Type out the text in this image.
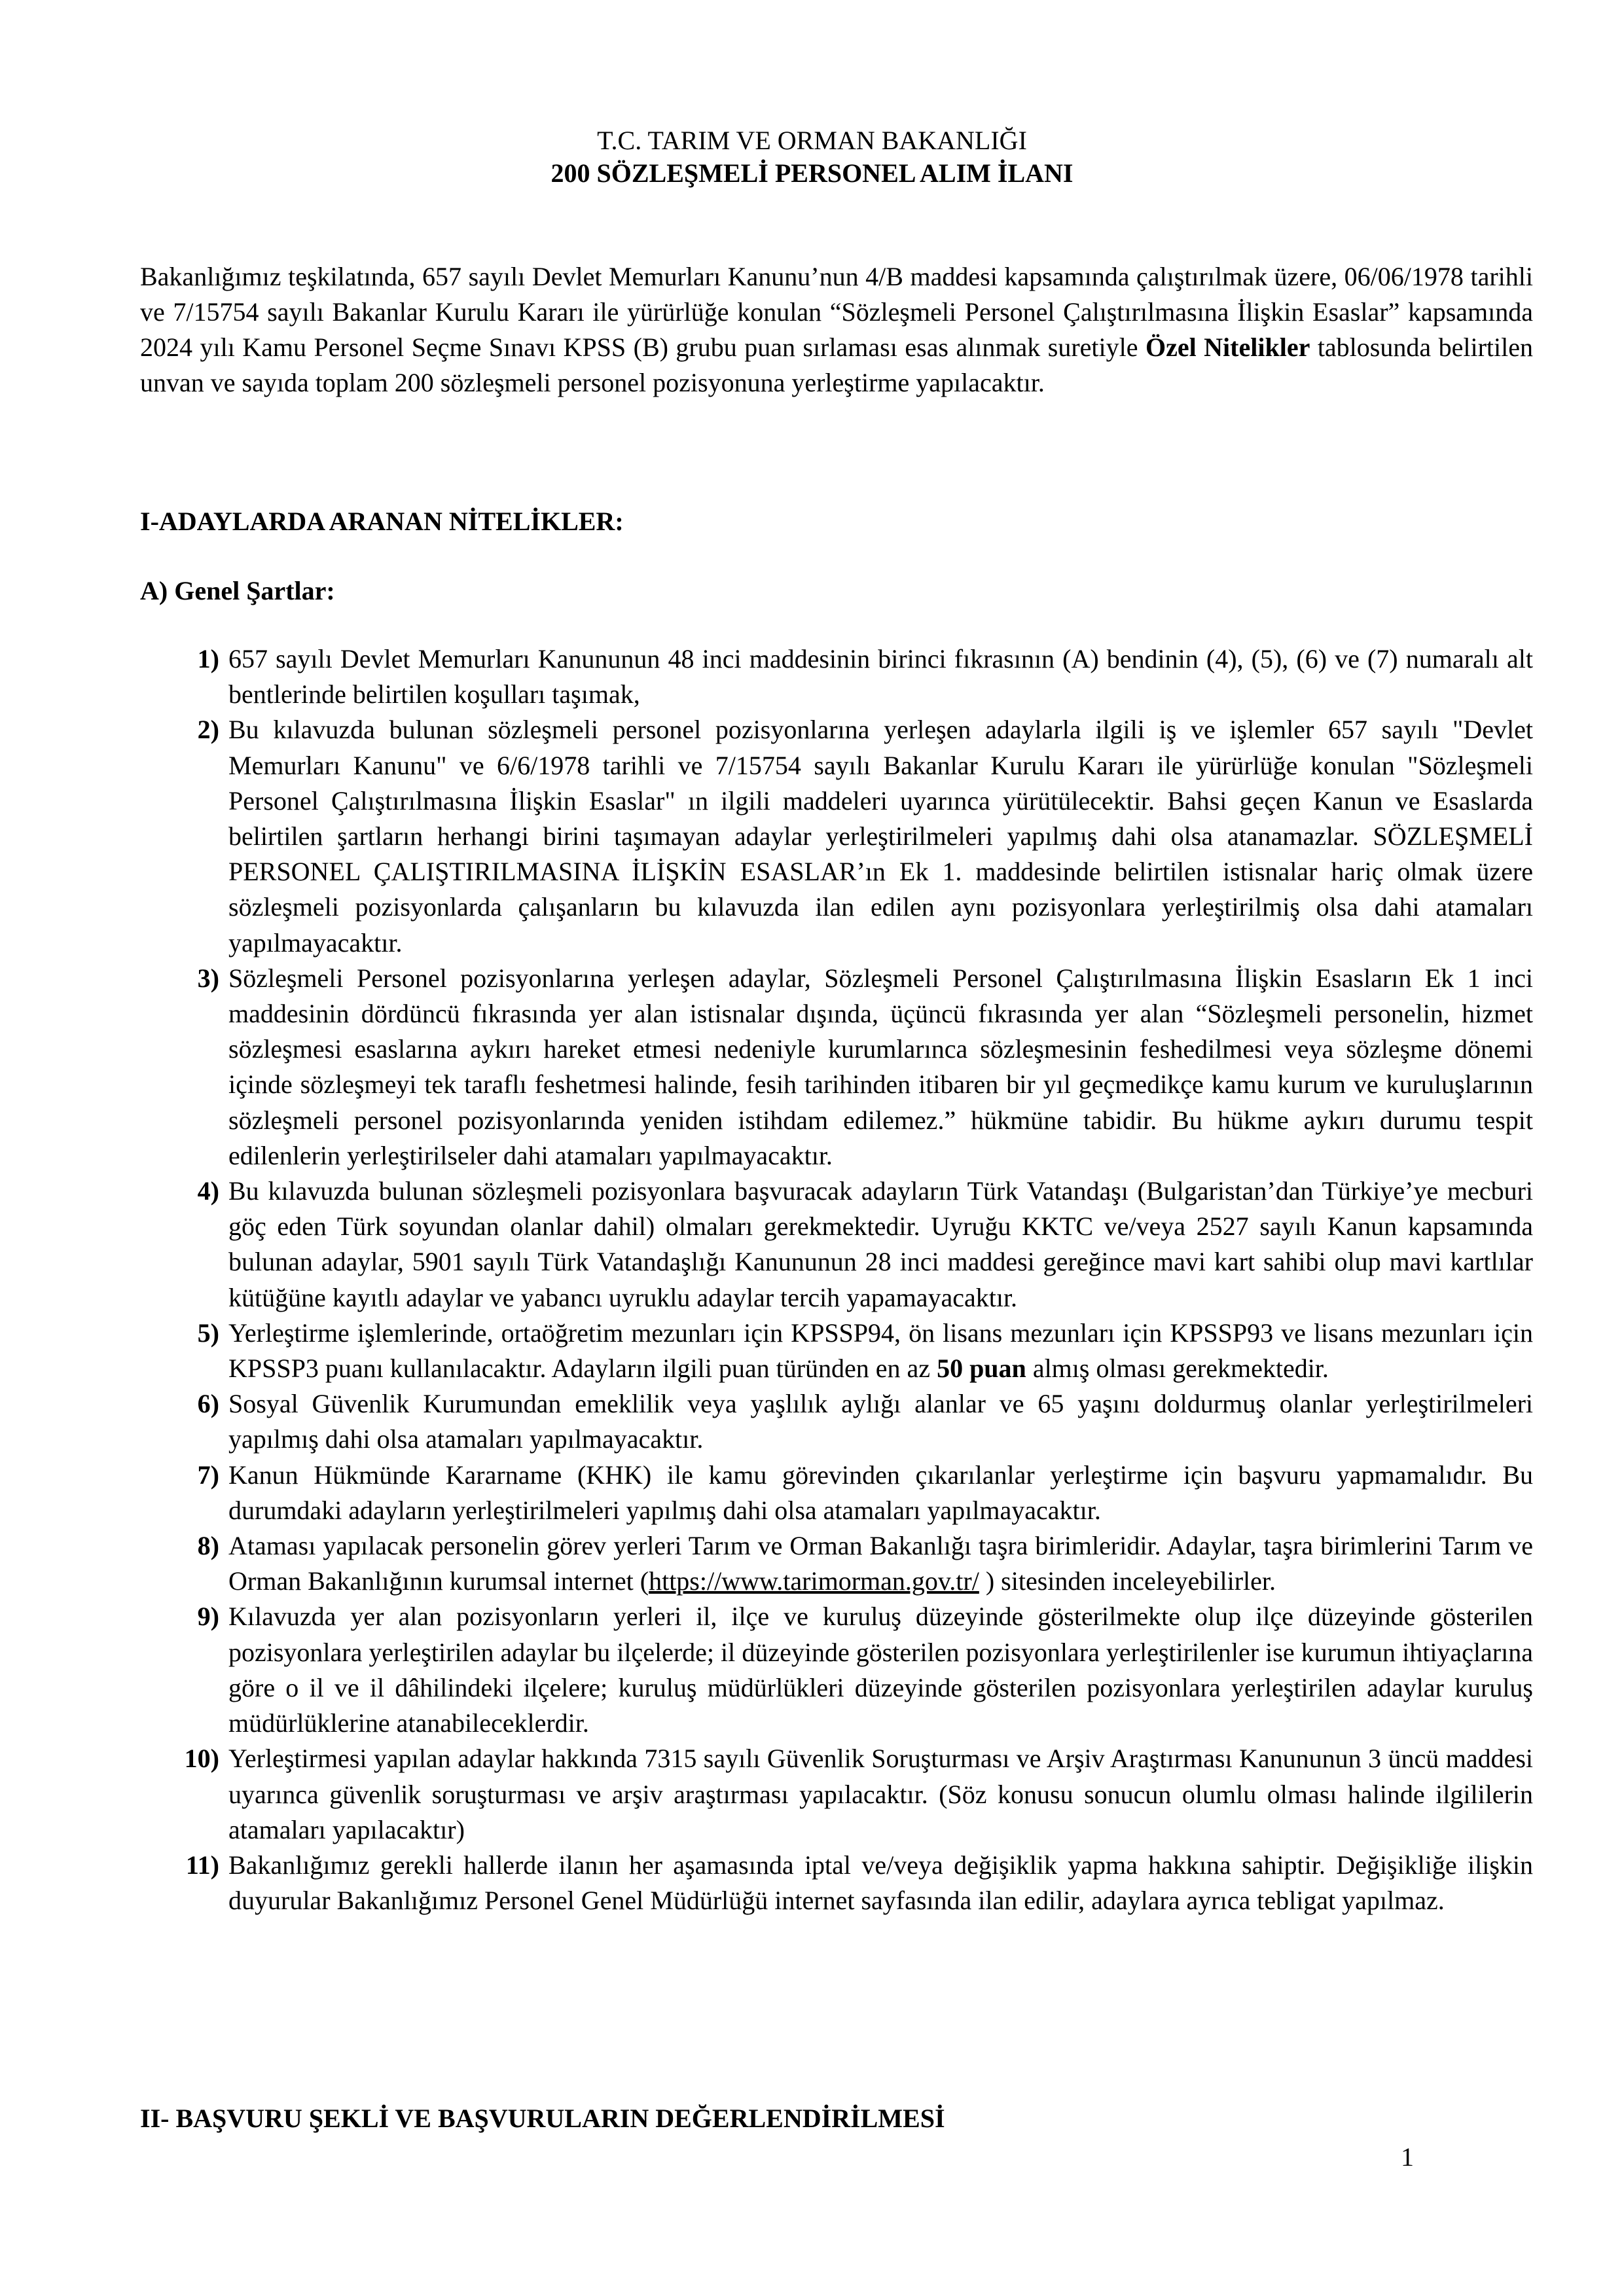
T.C. TARIM VE ORMAN BAKANLIĞI
200 SÖZLEŞMELİ PERSONEL ALIM İLANI
Bakanlığımız teşkilatında, 657 sayılı Devlet Memurları Kanunu’nun 4/B maddesi kapsamında çalıştırılmak üzere, 06/06/1978 tarihli ve 7/15754 sayılı Bakanlar Kurulu Kararı ile yürürlüğe konulan “Sözleşmeli Personel Çalıştırılmasına İlişkin Esaslar” kapsamında 2024 yılı Kamu Personel Seçme Sınavı KPSS (B) grubu puan sırlaması esas alınmak suretiyle Özel Nitelikler tablosunda belirtilen unvan ve sayıda toplam 200 sözleşmeli personel pozisyonuna yerleştirme yapılacaktır.
I-ADAYLARDA ARANAN NİTELİKLER:
A) Genel Şartlar:
1) 657 sayılı Devlet Memurları Kanununun 48 inci maddesinin birinci fıkrasının (A) bendinin (4), (5), (6) ve (7) numaralı alt bentlerinde belirtilen koşulları taşımak,
2) Bu kılavuzda bulunan sözleşmeli personel pozisyonlarına yerleşen adaylarla ilgili iş ve işlemler 657 sayılı "Devlet Memurları Kanunu" ve 6/6/1978 tarihli ve 7/15754 sayılı Bakanlar Kurulu Kararı ile yürürlüğe konulan "Sözleşmeli Personel Çalıştırılmasına İlişkin Esaslar" ın ilgili maddeleri uyarınca yürütülecektir. Bahsi geçen Kanun ve Esaslarda belirtilen şartların herhangi birini taşımayan adaylar yerleştirilmeleri yapılmış dahi olsa atanamazlar. SÖZLEŞMELİ PERSONEL ÇALIŞTIRILMASINA İLİŞKİN ESASLAR’ın Ek 1. maddesinde belirtilen istisnalar hariç olmak üzere sözleşmeli pozisyonlarda çalışanların bu kılavuzda ilan edilen aynı pozisyonlara yerleştirilmiş olsa dahi atamaları yapılmayacaktır.
3) Sözleşmeli Personel pozisyonlarına yerleşen adaylar, Sözleşmeli Personel Çalıştırılmasına İlişkin Esasların Ek 1 inci maddesinin dördüncü fıkrasında yer alan istisnalar dışında, üçüncü fıkrasında yer alan “Sözleşmeli personelin, hizmet sözleşmesi esaslarına aykırı hareket etmesi nedeniyle kurumlarınca sözleşmesinin feshedilmesi veya sözleşme dönemi içinde sözleşmeyi tek taraflı feshetmesi halinde, fesih tarihinden itibaren bir yıl geçmedikçe kamu kurum ve kuruluşlarının sözleşmeli personel pozisyonlarında yeniden istihdam edilemez.” hükmüne tabidir. Bu hükme aykırı durumu tespit edilenlerin yerleştirilseler dahi atamaları yapılmayacaktır.
4) Bu kılavuzda bulunan sözleşmeli pozisyonlara başvuracak adayların Türk Vatandaşı (Bulgaristan’dan Türkiye’ye mecburi göç eden Türk soyundan olanlar dahil) olmaları gerekmektedir. Uyruğu KKTC ve/veya 2527 sayılı Kanun kapsamında bulunan adaylar, 5901 sayılı Türk Vatandaşlığı Kanununun 28 inci maddesi gereğince mavi kart sahibi olup mavi kartlılar kütüğüne kayıtlı adaylar ve yabancı uyruklu adaylar tercih yapamayacaktır.
5) Yerleştirme işlemlerinde, ortaöğretim mezunları için KPSSP94, ön lisans mezunları için KPSSP93 ve lisans mezunları için KPSSP3 puanı kullanılacaktır. Adayların ilgili puan türünden en az 50 puan almış olması gerekmektedir.
6) Sosyal Güvenlik Kurumundan emeklilik veya yaşlılık aylığı alanlar ve 65 yaşını doldurmuş olanlar yerleştirilmeleri yapılmış dahi olsa atamaları yapılmayacaktır.
7) Kanun Hükmünde Kararname (KHK) ile kamu görevinden çıkarılanlar yerleştirme için başvuru yapmamalıdır. Bu durumdaki adayların yerleştirilmeleri yapılmış dahi olsa atamaları yapılmayacaktır.
8) Ataması yapılacak personelin görev yerleri Tarım ve Orman Bakanlığı taşra birimleridir. Adaylar, taşra birimlerini Tarım ve Orman Bakanlığının kurumsal internet (https://www.tarimorman.gov.tr/ ) sitesinden inceleyebilirler.
9) Kılavuzda yer alan pozisyonların yerleri il, ilçe ve kuruluş düzeyinde gösterilmekte olup ilçe düzeyinde gösterilen pozisyonlara yerleştirilen adaylar bu ilçelerde; il düzeyinde gösterilen pozisyonlara yerleştirilenler ise kurumun ihtiyaçlarına göre o il ve il dâhilindeki ilçelere; kuruluş müdürlükleri düzeyinde gösterilen pozisyonlara yerleştirilen adaylar kuruluş müdürlüklerine atanabileceklerdir.
10) Yerleştirmesi yapılan adaylar hakkında 7315 sayılı Güvenlik Soruşturması ve Arşiv Araştırması Kanununun 3 üncü maddesi uyarınca güvenlik soruşturması ve arşiv araştırması yapılacaktır. (Söz konusu sonucun olumlu olması halinde ilgililerin atamaları yapılacaktır)
11) Bakanlığımız gerekli hallerde ilanın her aşamasında iptal ve/veya değişiklik yapma hakkına sahiptir. Değişikliğe ilişkin duyurular Bakanlığımız Personel Genel Müdürlüğü internet sayfasında ilan edilir, adaylara ayrıca tebligat yapılmaz.
II- BAŞVURU ŞEKLİ VE BAŞVURULARIN DEĞERLENDİRİLMESİ
1
